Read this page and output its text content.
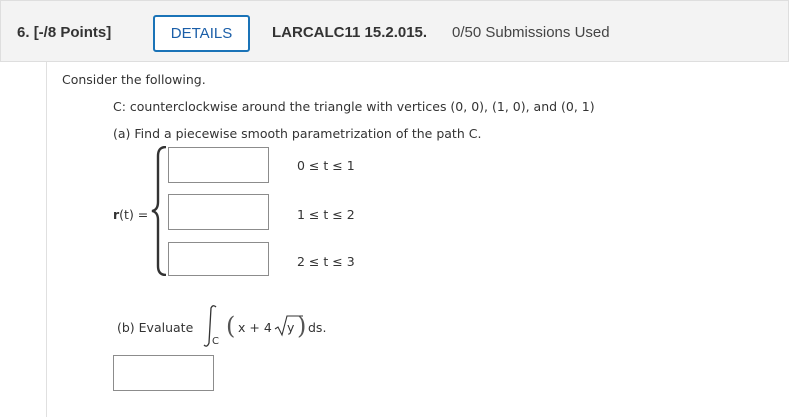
6. [-/8 Points]	DETAILS	LARCALC11 15.2.015. 0/50 Submissions Used
Consider the following.
C: counterclockwise around the triangle with vertices (0, 0), (1, 0), and (0, 1)
(a) Find a piecewise smooth parametrization of the path C.
r(t) =
0 ≤ t ≤ 1
1 ≤ t ≤ 2
2 ≤ t ≤ 3
(b) Evaluate
C
( x + 4 y ) ds.
